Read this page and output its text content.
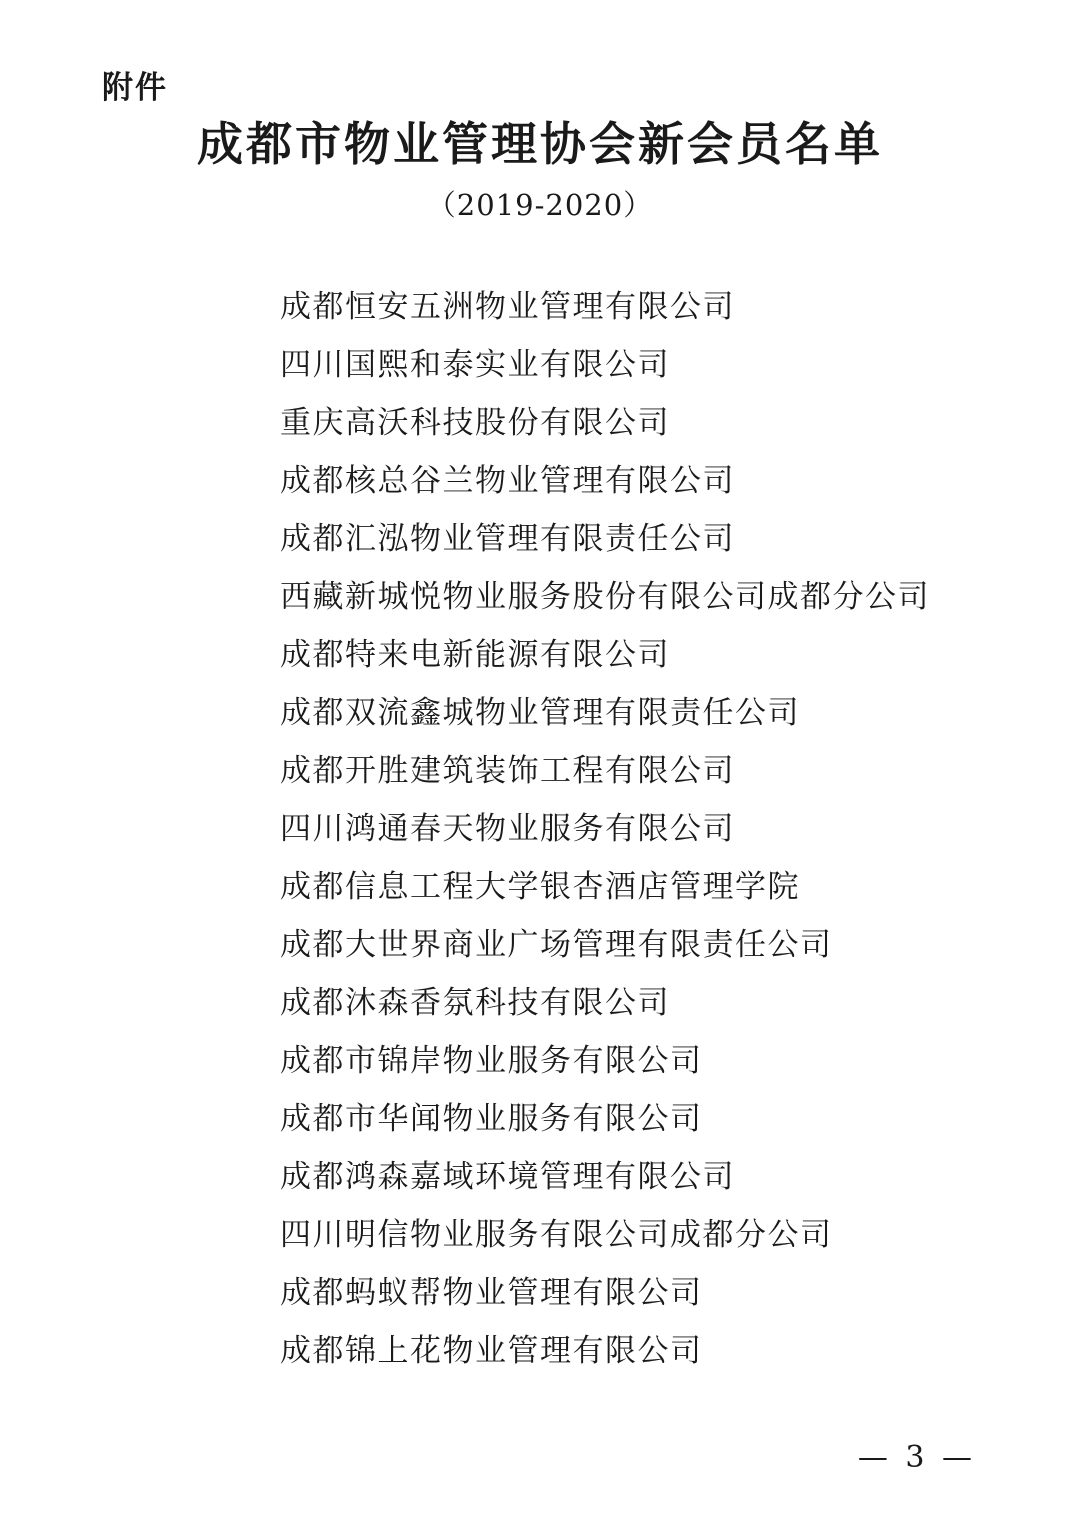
附件
成都市物业管理协会新会员名单
（2019-2020）
成都恒安五洲物业管理有限公司
四川国熙和泰实业有限公司
重庆高沃科技股份有限公司
成都核总谷兰物业管理有限公司
成都汇泓物业管理有限责任公司
西藏新城悦物业服务股份有限公司成都分公司
成都特来电新能源有限公司
成都双流鑫城物业管理有限责任公司
成都开胜建筑装饰工程有限公司
四川鸿通春天物业服务有限公司
成都信息工程大学银杏酒店管理学院
成都大世界商业广场管理有限责任公司
成都沐森香氛科技有限公司
成都市锦岸物业服务有限公司
成都市华闻物业服务有限公司
成都鸿森嘉域环境管理有限公司
四川明信物业服务有限公司成都分公司
成都蚂蚁帮物业管理有限公司
成都锦上花物业管理有限公司
— 3 —
